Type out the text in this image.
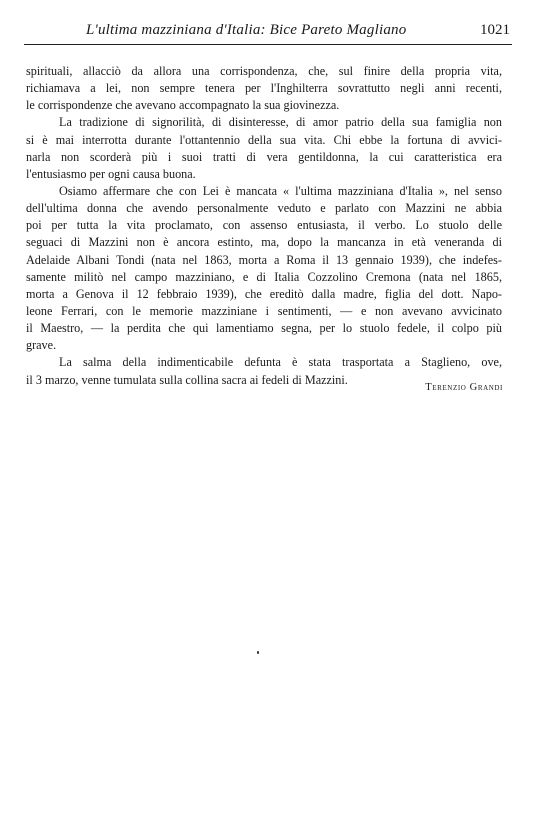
L'ultima mazziniana d'Italia: Bice Pareto Magliano	1021
spirituali, allacciò da allora una corrispondenza, che, sul finire della propria vita,
richiamava a lei, non sempre tenera per l'Inghilterra sovrattutto negli anni recenti,
le corrispondenze che avevano accompagnato la sua giovinezza.
La tradizione di signorilità, di disinteresse, di amor patrio della sua famiglia non
si è mai interrotta durante l'ottantennio della sua vita. Chi ebbe la fortuna di avvici-
narla non scorderà più i suoi tratti di vera gentildonna, la cui caratteristica era
l'entusiasmo per ogni causa buona.
Osiamo affermare che con Lei è mancata « l'ultima mazziniana d'Italia », nel senso
dell'ultima donna che avendo personalmente veduto e parlato con Mazzini ne abbia
poi per tutta la vita proclamato, con assenso entusiasta, il verbo. Lo stuolo delle
seguaci di Mazzini non è ancora estinto, ma, dopo la mancanza in età veneranda di
Adelaide Albani Tondi (nata nel 1863, morta a Roma il 13 gennaio 1939), che indefes-
samente militò nel campo mazziniano, e di Italia Cozzolino Cremona (nata nel 1865,
morta a Genova il 12 febbraio 1939), che ereditò dalla madre, figlia del dott. Napo-
leone Ferrari, con le memorie mazziniane i sentimenti, — e non avevano avvicinato
il Maestro, — la perdita che qui lamentiamo segna, per lo stuolo fedele, il colpo più
grave.
La salma della indimenticabile defunta è stata trasportata a Staglieno, ove,
il 3 marzo, venne tumulata sulla collina sacra ai fedeli di Mazzini.
Terenzio Grandi
